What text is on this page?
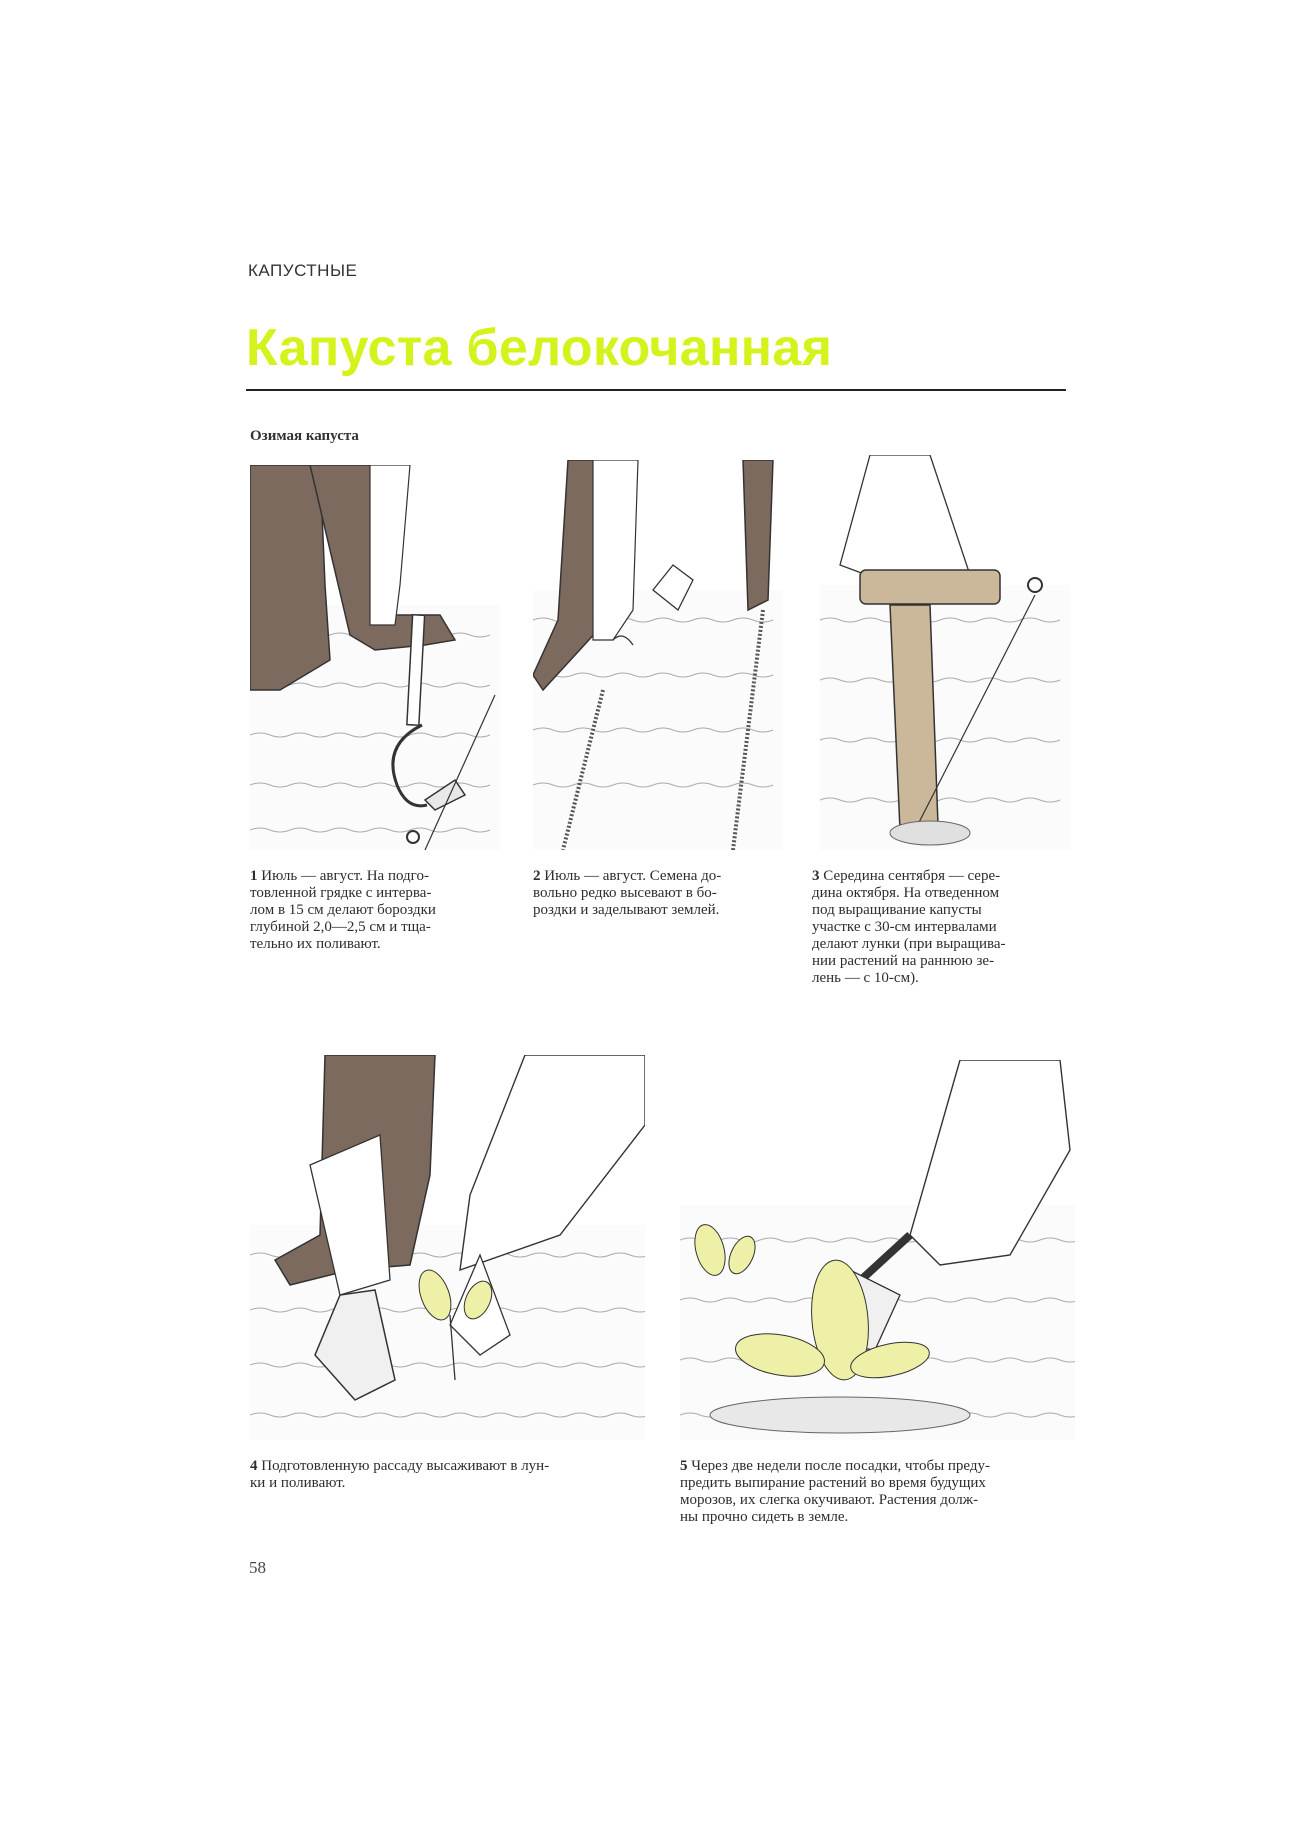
КАПУСТНЫЕ
Капуста белокочанная
Озимая капуста
1 Июль — август. На подго-
товленной грядке с интерва-
лом в 15 см делают бороздки
глубиной 2,0—2,5 см и тща-
тельно их поливают.
2 Июль — август. Семена до-
вольно редко высевают в бо-
роздки и заделывают землей.
3 Середина сентября — сере-
дина октября. На отведенном
под выращивание капусты
участке с 30-см интервалами
делают лунки (при выращива-
нии растений на раннюю зе-
лень — с 10-см).
4 Подготовленную рассаду высаживают в лун-
ки и поливают.
5 Через две недели после посадки, чтобы преду-
предить выпирание растений во время будущих
морозов, их слегка окучивают. Растения долж-
ны прочно сидеть в земле.
58
